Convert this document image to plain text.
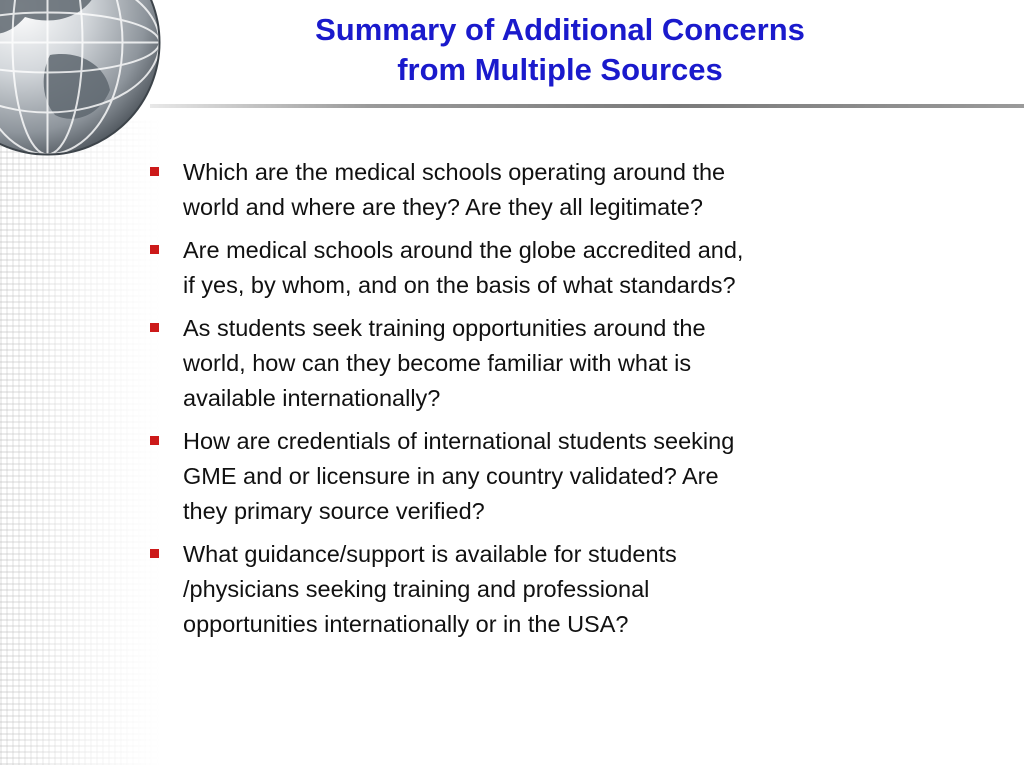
Summary of Additional Concerns
from Multiple Sources
Which are the medical schools operating around the
world and where are they? Are they all legitimate?
Are medical schools around the globe accredited and,
if yes, by whom, and on the basis of what standards?
As students seek training opportunities around the
world, how can they become familiar with what is
available internationally?
How are credentials of international students seeking
GME and or licensure in any country validated? Are
they primary source verified?
What guidance/support is available for students
/physicians seeking training and professional
opportunities internationally or in the USA?
